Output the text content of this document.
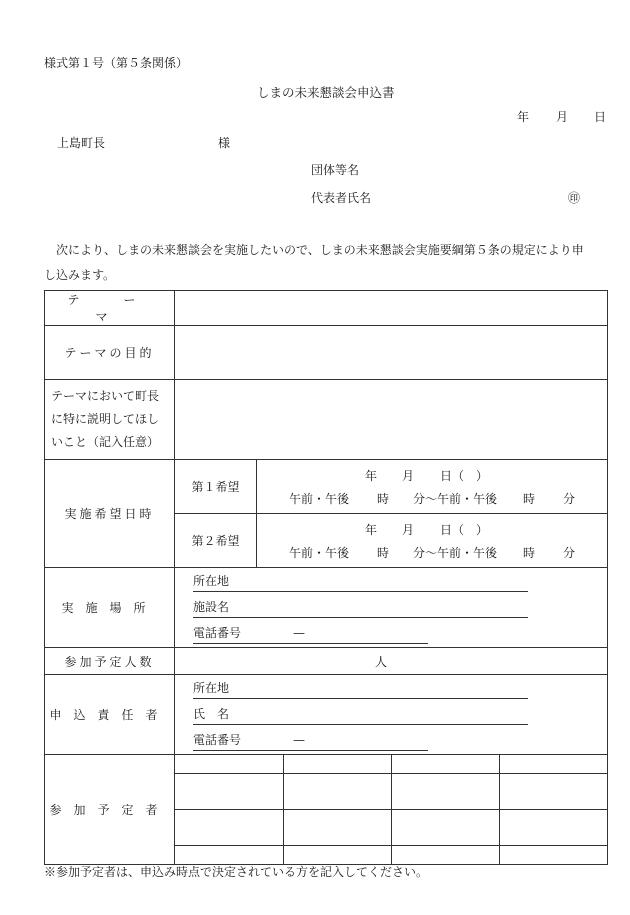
様式第１号（第５条関係）
しまの未来懇談会申込書
年 月 日
上島町長	様
団体等名
代表者氏名	㊞
　次により、しまの未来懇談会を実施したいので、しまの未来懇談会実施要綱第５条の規定により申
し込みます。
テ　ー　マ	
テーマの目的	

テーマにおいて町長
に特に説明してほし
いこと（記入任意）

実施希望日時	第１希望	
年 月 日（　）
午前・午後 時 分〜午前・午後 時 分

第２希望	
年 月 日（　）
午前・午後 時 分〜午前・午後 時 分

実施場所	
所在地
施設名
電話番号	—

参加予定人数	人
申込責任者	
所在地
氏　名
電話番号	—

参加予定者	

※参加予定者は、申込み時点で決定されている方を記入してください。
